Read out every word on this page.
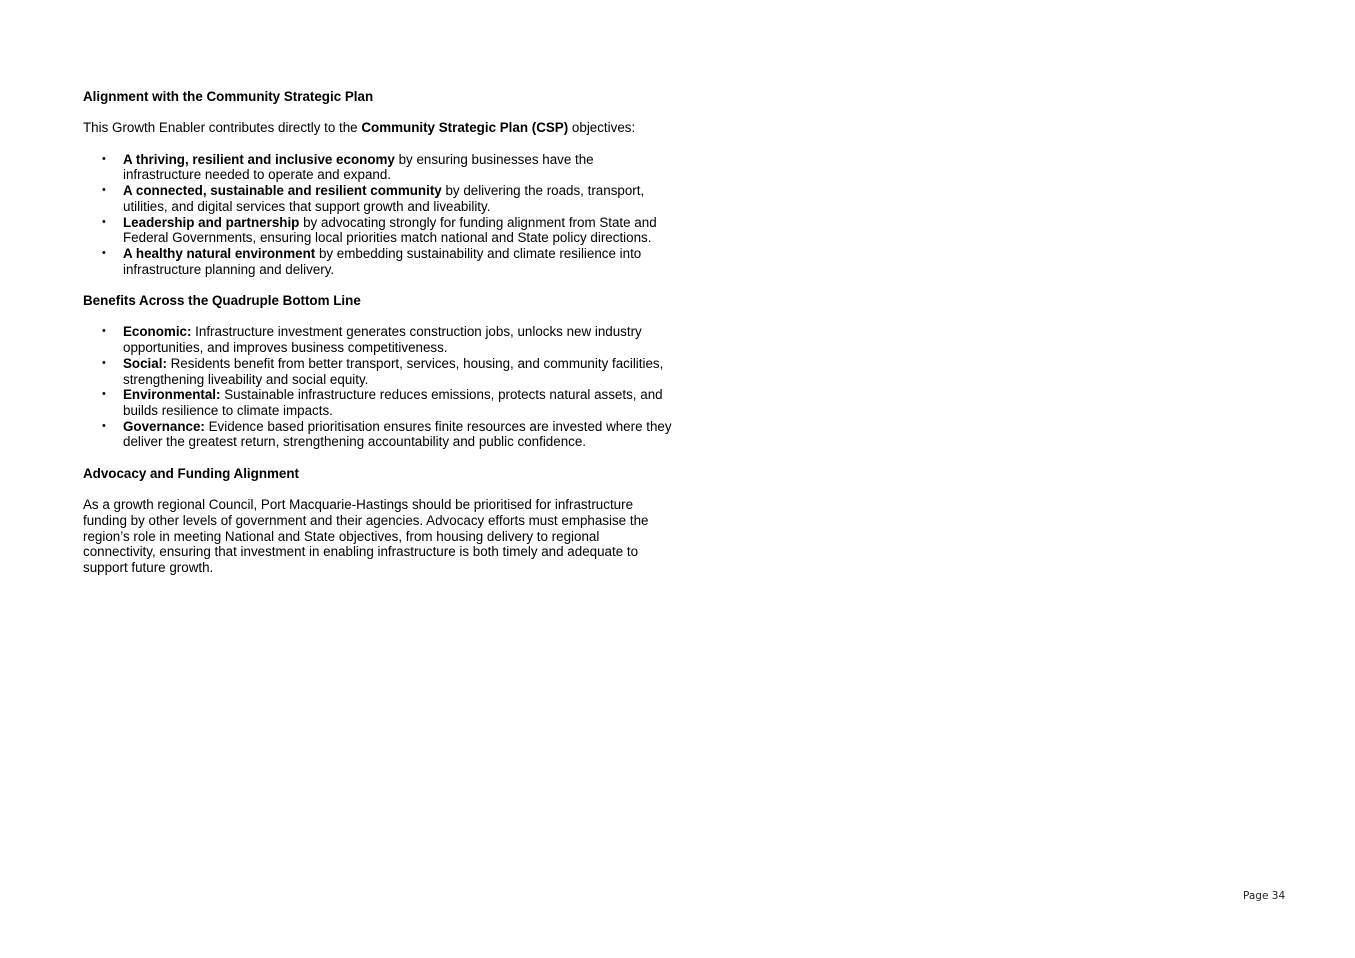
Alignment with the Community Strategic Plan

This Growth Enabler contributes directly to the Community Strategic Plan (CSP) objectives:

• A thriving, resilient and inclusive economy by ensuring businesses have the infrastructure needed to operate and expand.
• A connected, sustainable and resilient community by delivering the roads, transport, utilities, and digital services that support growth and liveability.
• Leadership and partnership by advocating strongly for funding alignment from State and Federal Governments, ensuring local priorities match national and State policy directions.
• A healthy natural environment by embedding sustainability and climate resilience into infrastructure planning and delivery.

Benefits Across the Quadruple Bottom Line

• Economic: Infrastructure investment generates construction jobs, unlocks new industry opportunities, and improves business competitiveness.
• Social: Residents benefit from better transport, services, housing, and community facilities, strengthening liveability and social equity.
• Environmental: Sustainable infrastructure reduces emissions, protects natural assets, and builds resilience to climate impacts.
• Governance: Evidence based prioritisation ensures finite resources are invested where they deliver the greatest return, strengthening accountability and public confidence.

Advocacy and Funding Alignment

As a growth regional Council, Port Macquarie-Hastings should be prioritised for infrastructure funding by other levels of government and their agencies. Advocacy efforts must emphasise the region’s role in meeting National and State objectives, from housing delivery to regional connectivity, ensuring that investment in enabling infrastructure is both timely and adequate to support future growth.

Page 34
